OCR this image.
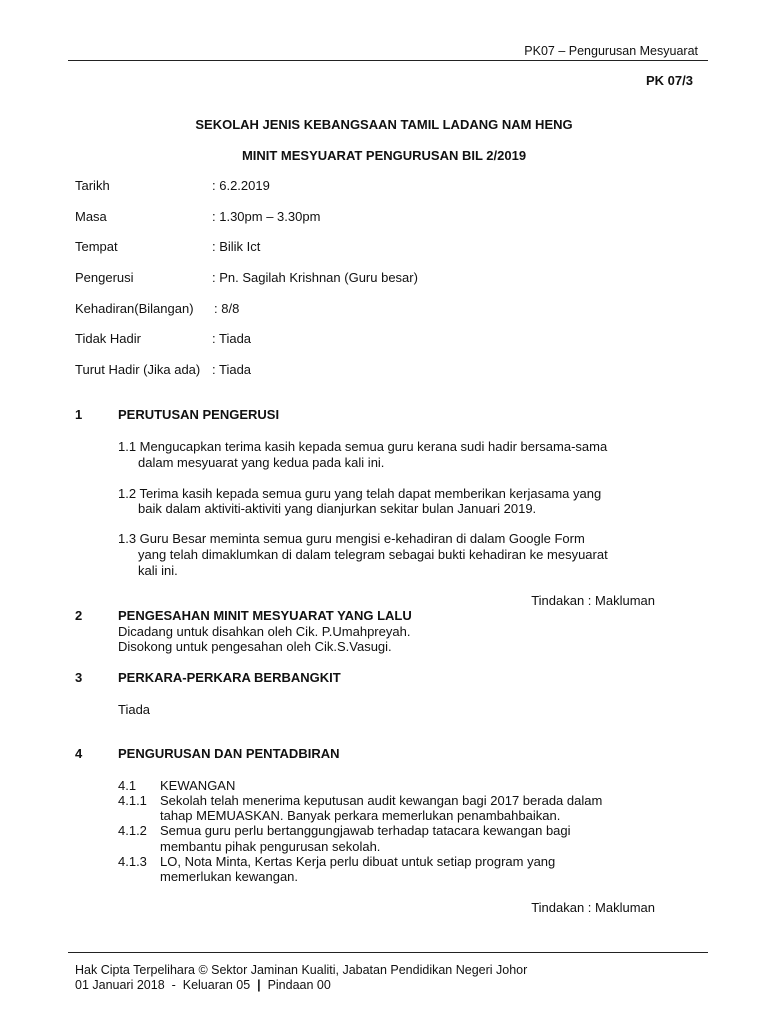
PK07 – Pengurusan Mesyuarat
PK 07/3
SEKOLAH JENIS KEBANGSAAN TAMIL LADANG NAM HENG
MINIT MESYUARAT PENGURUSAN BIL 2/2019
Tarikh	: 6.2.2019
Masa	: 1.30pm – 3.30pm
Tempat	: Bilik Ict
Pengerusi	: Pn. Sagilah Krishnan (Guru besar)
Kehadiran(Bilangan) : 8/8
Tidak Hadir	: Tiada
Turut Hadir (Jika ada) : Tiada
1	PERUTUSAN PENGERUSI
1.1 Mengucapkan terima kasih kepada semua guru kerana sudi hadir bersama-sama
dalam mesyuarat yang kedua pada kali ini.
1.2 Terima kasih kepada semua guru yang telah dapat memberikan kerjasama yang
baik dalam aktiviti-aktiviti yang dianjurkan sekitar bulan Januari 2019.
1.3 Guru Besar meminta semua guru mengisi e-kehadiran di dalam Google Form
yang telah dimaklumkan di dalam telegram sebagai bukti kehadiran ke mesyuarat
kali ini.
Tindakan : Makluman
2	PENGESAHAN MINIT MESYUARAT YANG LALU
Dicadang untuk disahkan oleh Cik. P.Umahpreyah.
Disokong untuk pengesahan oleh Cik.S.Vasugi.
3	PERKARA-PERKARA BERBANGKIT
Tiada
4	PENGURUSAN DAN PENTADBIRAN
4.1 KEWANGAN
4.1.1 Sekolah telah menerima keputusan audit kewangan bagi 2017 berada dalam
tahap MEMUASKAN. Banyak perkara memerlukan penambahbaikan.
4.1.2 Semua guru perlu bertanggungjawab terhadap tatacara kewangan bagi
membantu pihak pengurusan sekolah.
4.1.3 LO, Nota Minta, Kertas Kerja perlu dibuat untuk setiap program yang
memerlukan kewangan.
Tindakan : Makluman
Hak Cipta Terpelihara © Sektor Jaminan Kualiti, Jabatan Pendidikan Negeri Johor
01 Januari 2018 - Keluaran 05 | Pindaan 00
